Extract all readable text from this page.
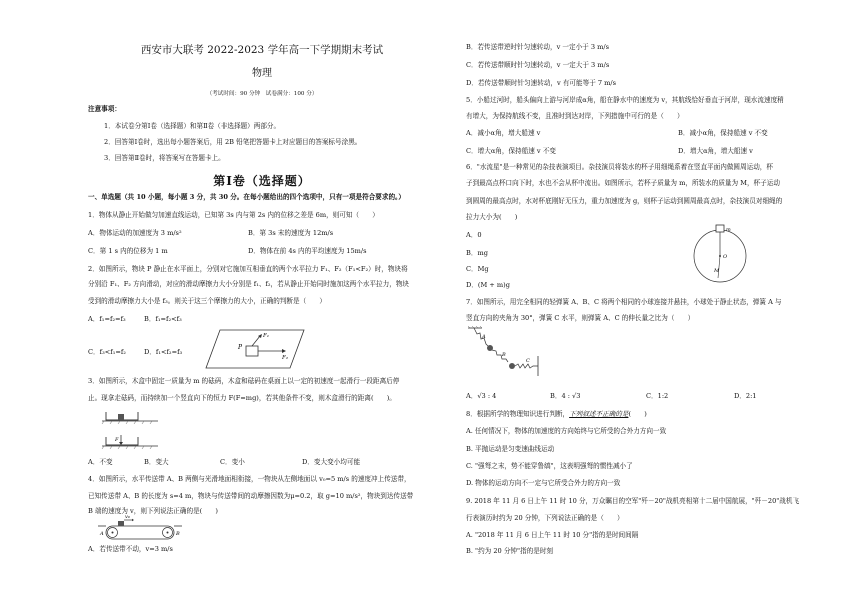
西安市大联考 2022-2023 学年高一下学期期末考试
物理
（考试时间：90 分钟　试卷满分：100 分）
注意事项：
1．本试卷分第Ⅰ卷（选择题）和第Ⅱ卷（非选择题）两部分。
2．回答第Ⅰ卷时，选出每小题答案后，用 2B 铅笔把答题卡上对应题目的答案标号涂黑。
3．回答第Ⅱ卷时，将答案写在答题卡上。
第Ⅰ卷（选择题）
一、单选题（共 10 小题，每小题 3 分，共 30 分。在每小题给出的四个选项中，只有一项是符合要求的。）
1．物体从静止开始做匀加速直线运动，已知第 3s 内与第 2s 内的位移之差是 6m，则可知（　　）
A．物体运动的加速度为 3 m/s²	B．第 3s 末的速度为 12m/s
C．第 1 s 内的位移为 1 m	D．物体在前 4s 内的平均速度为 15m/s
2．如图所示，物块 P 静止在水平面上，分别对它施加互相垂直的两个水平拉力 F₁、F₂（F₁<F₂）时，物块将
分别沿 F₁、F₂ 方向滑动，对应的滑动摩擦力大小分别是 f₁、f₂，若从静止开始同时施加这两个水平拉力，物块
受到的滑动摩擦力大小是 f₃。则关于这三个摩擦力的大小，正确的判断是（　　）
A．f₁=f₂=f₃	B．f₁=f₂<f₃
C．f₃<f₁=f₂	D．f₁<f₂=f₃
P
F₁
F₂
3．如图所示，木盒中固定一质量为 m 的砝码，木盒和砝码在桌面上以一定的初速度一起滑行一段距离后停
止。现拿走砝码，而持续加一个竖直向下的恒力 F(F=mg)，若其他条件不变，则木盒滑行的距离(　　)。
F
A．不变	B．变大	C．变小	D．变大变小均可能
4．如图所示，水平传送带 A、B 两侧与光滑地面相衔接，一物块从左侧地面以 v₀=5 m/s 的速度冲上传送带，
已知传送带 A、B 的长度为 s=4 m，物块与传送带间的动摩擦因数为μ=0.2，取 g=10 m/s²，物块到达传送带
B 端的速度为 v，则下列说法正确的是(　　)
v₀
A	B
A．若传送带不动，v=3 m/s
B．若传送带逆时针匀速转动，v 一定小于 3 m/s
C．若传送带顺时针匀速转动，v 一定大于 3 m/s
D．若传送带顺时针匀速转动，v 有可能等于 7 m/s
5．小船过河时，船头偏向上游与河岸成α角，船在静水中的速度为 v，其航线恰好垂直于河岸，现水流速度稍
有增大，为保持航线不变，且准时到达对岸，下列措施中可行的是（　　）
A．减小α角，增大船速 v	B．减小α角，保持船速 v 不变
C．增大α角，保持船速 v 不变	D．增大α角，增大船速 v
6．"水流星"是一种常见的杂技表演项目。杂技演员将装水的杯子用细绳系着在竖直平面内做圆周运动，杯
子到最高点杯口向下时，水也不会从杯中流出。如图所示，若杯子质量为 m，所装水的质量为 M，杯子运动
到圆周的最高点时，水对杯底刚好无压力，重力加速度为 g，则杯子运动到圆周最高点时，杂技演员对细绳的
拉力大小为(　　)
A．0
B．mg
C．Mg
D．(M + m)g
m
O
M
7．如图所示，用完全相同的轻弹簧 A、B、C 将两个相同的小球连接并悬挂，小球处于静止状态，弹簧 A 与
竖直方向的夹角为 30°，弹簧 C 水平，则弹簧 A、C 的伸长量之比为（　　）
A
B
C
A．√3 : 4	B．4 : √3	C．1:2	D．2:1
8．根据所学的物理知识进行判断，下列叙述不正确的是(　　)
A. 任何情况下，物体的加速度的方向始终与它所受的合外力方向一致
B. 平抛运动是匀变速曲线运动
C. "强弩之末，势不能穿鲁缟"，这表明强弩的惯性减小了
D. 物体的运动方向不一定与它所受合外力的方向一致
9. 2018 年 11 月 6 日上午 11 时 10 分，万众瞩目的空军"歼－20"战机亮相第十二届中国航展，"歼－20"战机飞
行表演历时约为 20 分钟，下列说法正确的是（　　）
A. "2018 年 11 月 6 日上午 11 时 10 分"指的是时间间隔
B. "约为 20 分钟"指的是时刻
